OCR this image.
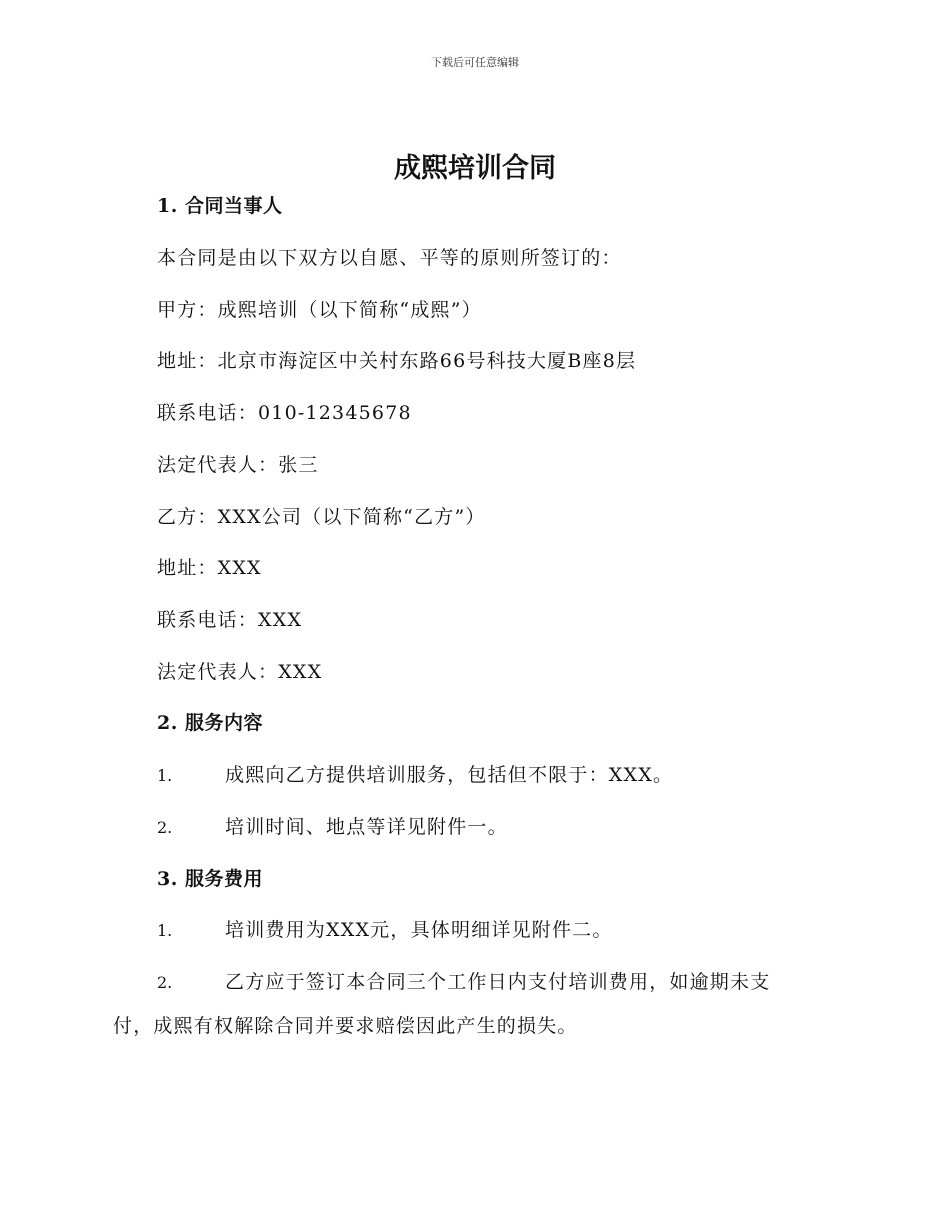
下载后可任意编辑
成熙培训合同
1. 合同当事人
本合同是由以下双方以自愿、平等的原则所签订的：
甲方：成熙培训（以下简称“成熙”）
地址：北京市海淀区中关村东路66号科技大厦B座8层
联系电话：010-12345678
法定代表人：张三
乙方：XXX公司（以下简称“乙方”）
地址：XXX
联系电话：XXX
法定代表人：XXX
2. 服务内容
1.	成熙向乙方提供培训服务，包括但不限于：XXX。
2.	培训时间、地点等详见附件一。
3. 服务费用
1.	培训费用为XXX元，具体明细详见附件二。
2.	乙方应于签订本合同三个工作日内支付培训费用，如逾期未支
付，成熙有权解除合同并要求赔偿因此产生的损失。
